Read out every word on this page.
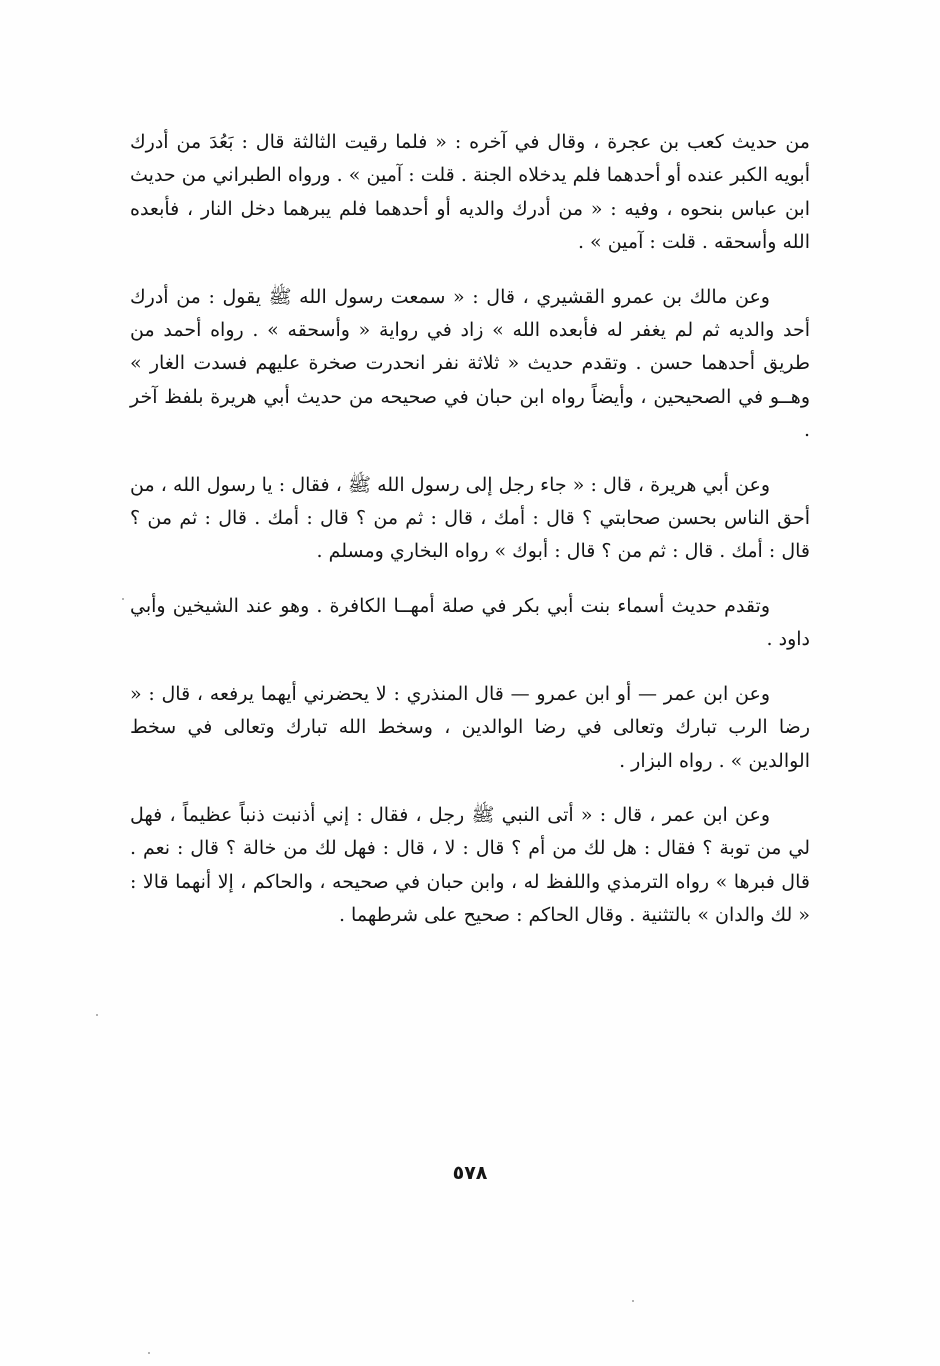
من حديث كعب بن عجرة ، وقال في آخره : « فلما رقيت الثالثة قال : بَعُدَ من أدرك أبويه الكبر عنده أو أحدهما فلم يدخلاه الجنة . قلت : آمين » . ورواه الطبراني من حديث ابن عباس بنحوه ، وفيه : « من أدرك والديه أو أحدهما فلم يبرهما دخل النار ، فأبعده الله وأسحقه . قلت : آمين » .

وعن مالك بن عمرو القشيري ، قال : « سمعت رسول الله ﷺ يقول : من أدرك أحد والديه ثم لم يغفر له فأبعده الله » زاد في رواية « وأسحقه » . رواه أحمد من طريق أحدهما حسن . وتقدم حديث « ثلاثة نفر انحدرت صخرة عليهم فسدت الغار » وهــو في الصحيحين ، وأيضاً رواه ابن حبان في صحيحه من حديث أبي هريرة بلفظ آخر .

وعن أبي هريرة ، قال : « جاء رجل إلى رسول الله ﷺ ، فقال : يا رسول الله ، من أحق الناس بحسن صحابتي ؟ قال : أمك ، قال : ثم من ؟ قال : أمك . قال : ثم من ؟ قال : أمك . قال : ثم من ؟ قال : أبوك » رواه البخاري ومسلم .

وتقدم حديث أسماء بنت أبي بكر في صلة أمهــا الكافرة . وهو عند الشيخين وأبي داود .

وعن ابن عمر — أو ابن عمرو — قال المنذري : لا يحضرني أيهما يرفعه ، قال : « رضا الرب تبارك وتعالى في رضا الوالدين ، وسخط الله تبارك وتعالى في سخط الوالدين » . رواه البزار .

وعن ابن عمر ، قال : « أتى النبي ﷺ رجل ، فقال : إني أذنبت ذنباً عظيماً ، فهل لي من توبة ؟ فقال : هل لك من أم ؟ قال : لا ، قال : فهل لك من خالة ؟ قال : نعم . قال فبرها » رواه الترمذي واللفظ له ، وابن حبان في صحيحه ، والحاكم ، إلا أنهما قالا : « لك والدان » بالتثنية . وقال الحاكم : صحيح على شرطهما .

٥٧٨
